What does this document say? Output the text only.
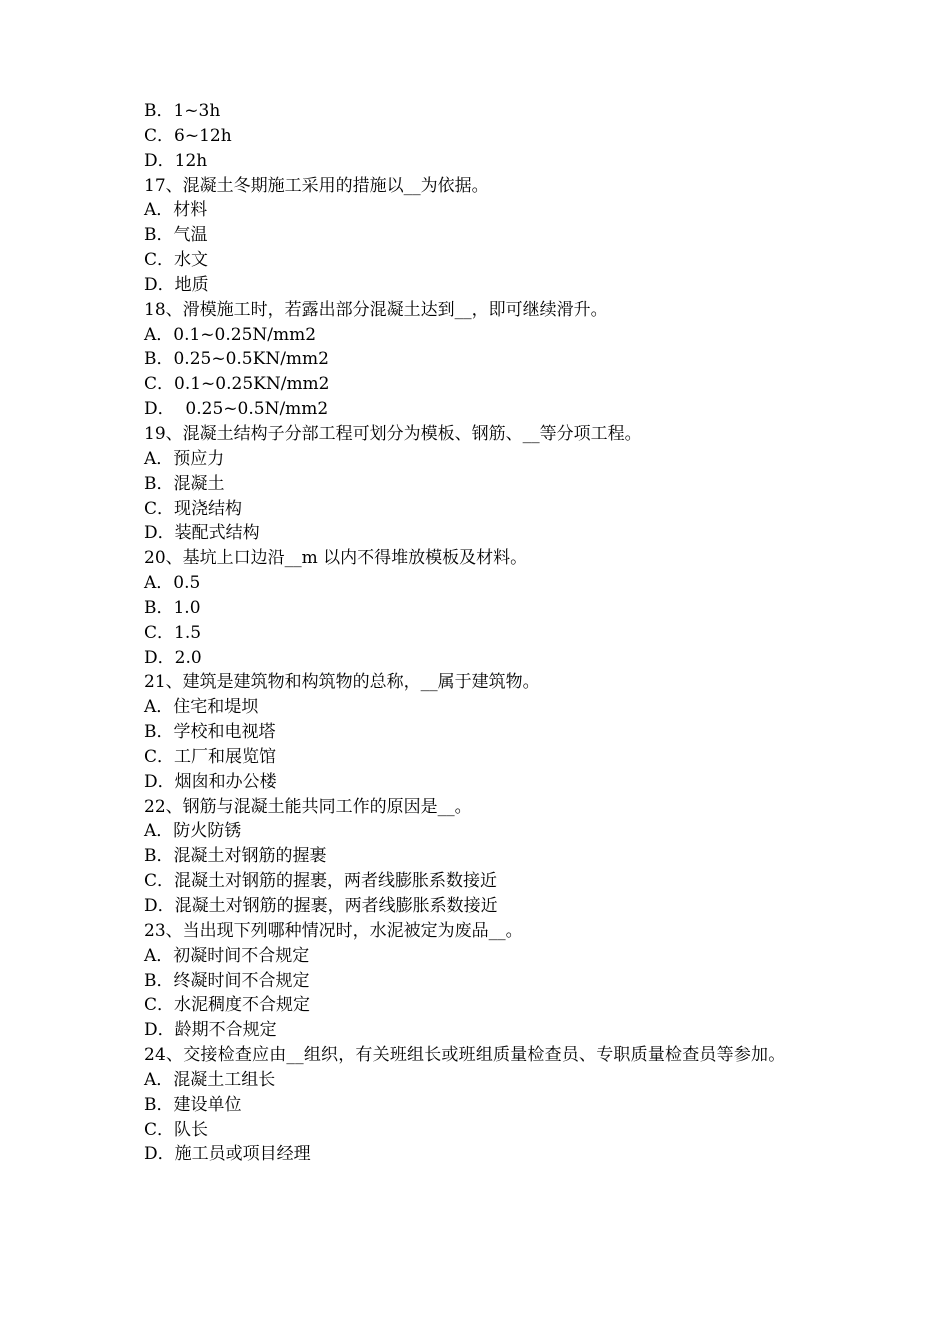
B．1~3h
C．6~12h
D．12h
17、混凝土冬期施工采用的措施以__为依据。
A．材料
B．气温
C．水文
D．地质
18、滑模施工时，若露出部分混凝土达到__，即可继续滑升。
A．0.1~0.25N/mm2
B．0.25~0.5KN/mm2
C．0.1~0.25KN/mm2
D．  0.25~0.5N/mm2
19、混凝土结构子分部工程可划分为模板、钢筋、__等分项工程。
A．预应力
B．混凝土
C．现浇结构
D．装配式结构
20、基坑上口边沿__m 以内不得堆放模板及材料。
A．0.5
B．1.0
C．1.5
D．2.0
21、建筑是建筑物和构筑物的总称，__属于建筑物。
A．住宅和堤坝
B．学校和电视塔
C．工厂和展览馆
D．烟囱和办公楼
22、钢筋与混凝土能共同工作的原因是__。
A．防火防锈
B．混凝土对钢筋的握裹
C．混凝土对钢筋的握裹，两者线膨胀系数接近
D．混凝土对钢筋的握裹，两者线膨胀系数接近
23、当出现下列哪种情况时，水泥被定为废品__。
A．初凝时间不合规定
B．终凝时间不合规定
C．水泥稠度不合规定
D．龄期不合规定
24、交接检查应由__组织，有关班组长或班组质量检查员、专职质量检查员等参加。
A．混凝土工组长
B．建设单位
C．队长
D．施工员或项目经理
